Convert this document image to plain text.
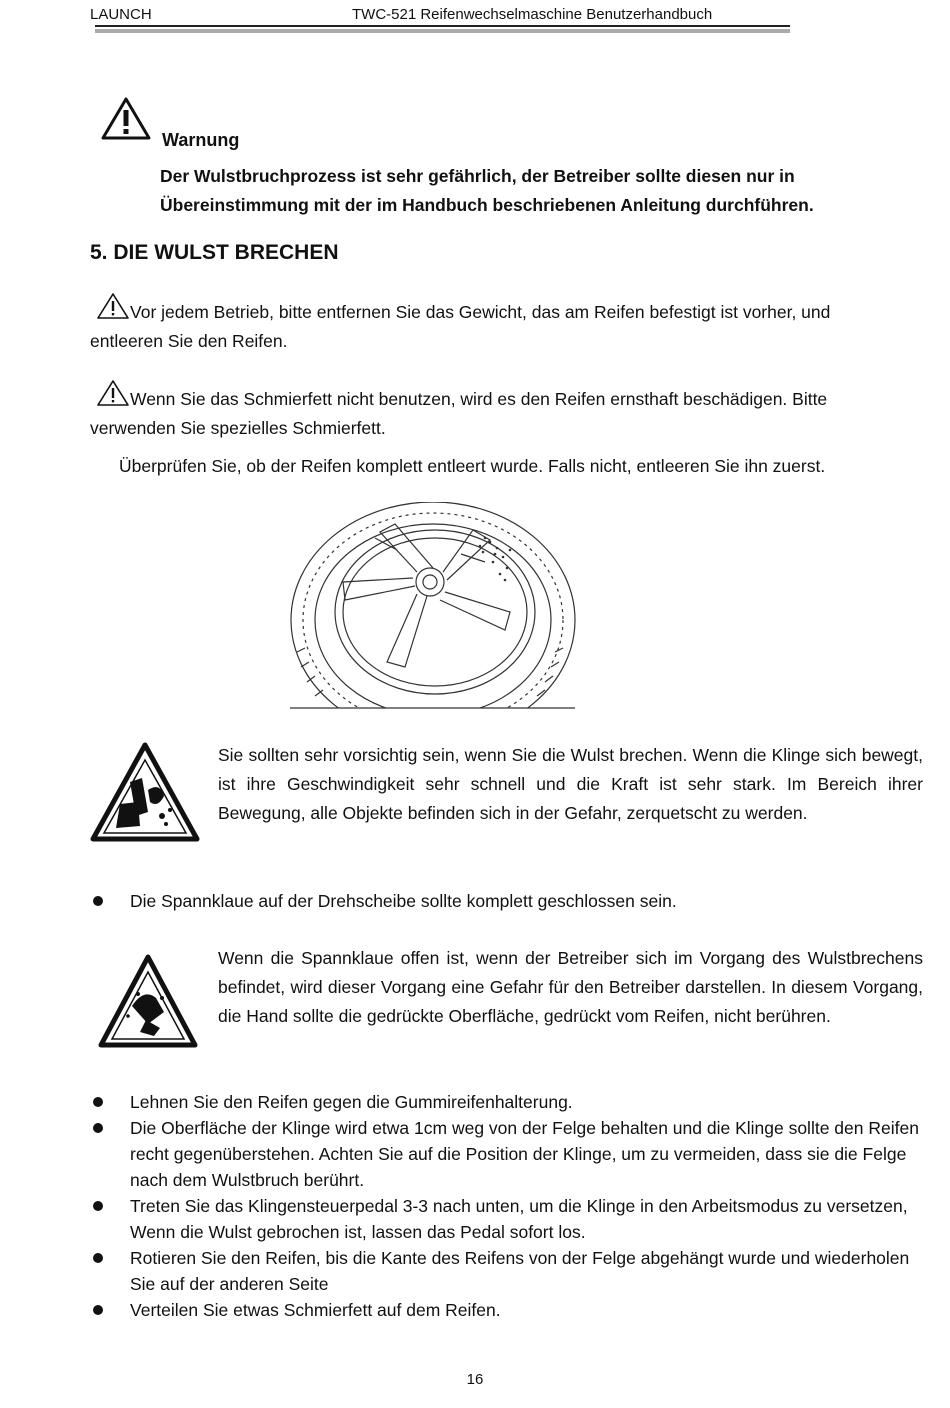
LAUNCH	TWC-521 Reifenwechselmaschine Benutzerhandbuch
Warnung
Der Wulstbruchprozess ist sehr gefährlich, der Betreiber sollte diesen nur in
Übereinstimmung mit der im Handbuch beschriebenen Anleitung durchführen.
5. DIE WULST BRECHEN
Vor jedem Betrieb, bitte entfernen Sie das Gewicht, das am Reifen befestigt ist vorher, und
entleeren Sie den Reifen.
Wenn Sie das Schmierfett nicht benutzen, wird es den Reifen ernsthaft beschädigen. Bitte
verwenden Sie spezielles Schmierfett.
Überprüfen Sie, ob der Reifen komplett entleert wurde. Falls nicht, entleeren Sie ihn zuerst.
Sie sollten sehr vorsichtig sein, wenn Sie die Wulst brechen. Wenn die Klinge sich bewegt, ist ihre Geschwindigkeit sehr schnell und die Kraft ist sehr stark. Im Bereich ihrer Bewegung, alle Objekte befinden sich in der Gefahr, zerquetscht zu werden.
Die Spannklaue auf der Drehscheibe sollte komplett geschlossen sein.
Wenn die Spannklaue offen ist, wenn der Betreiber sich im Vorgang des Wulstbrechens befindet, wird dieser Vorgang eine Gefahr für den Betreiber darstellen. In diesem Vorgang, die Hand sollte die gedrückte Oberfläche, gedrückt vom Reifen, nicht berühren.
Lehnen Sie den Reifen gegen die Gummireifenhalterung.
Die Oberfläche der Klinge wird etwa 1cm weg von der Felge behalten und die Klinge sollte den Reifen recht gegenüberstehen. Achten Sie auf die Position der Klinge, um zu vermeiden, dass sie die Felge nach dem Wulstbruch berührt.
Treten Sie das Klingensteuerpedal 3-3 nach unten, um die Klinge in den Arbeitsmodus zu versetzen, Wenn die Wulst gebrochen ist, lassen das Pedal sofort los.
Rotieren Sie den Reifen, bis die Kante des Reifens von der Felge abgehängt wurde und wiederholen Sie auf der anderen Seite
Verteilen Sie etwas Schmierfett auf dem Reifen.
16
